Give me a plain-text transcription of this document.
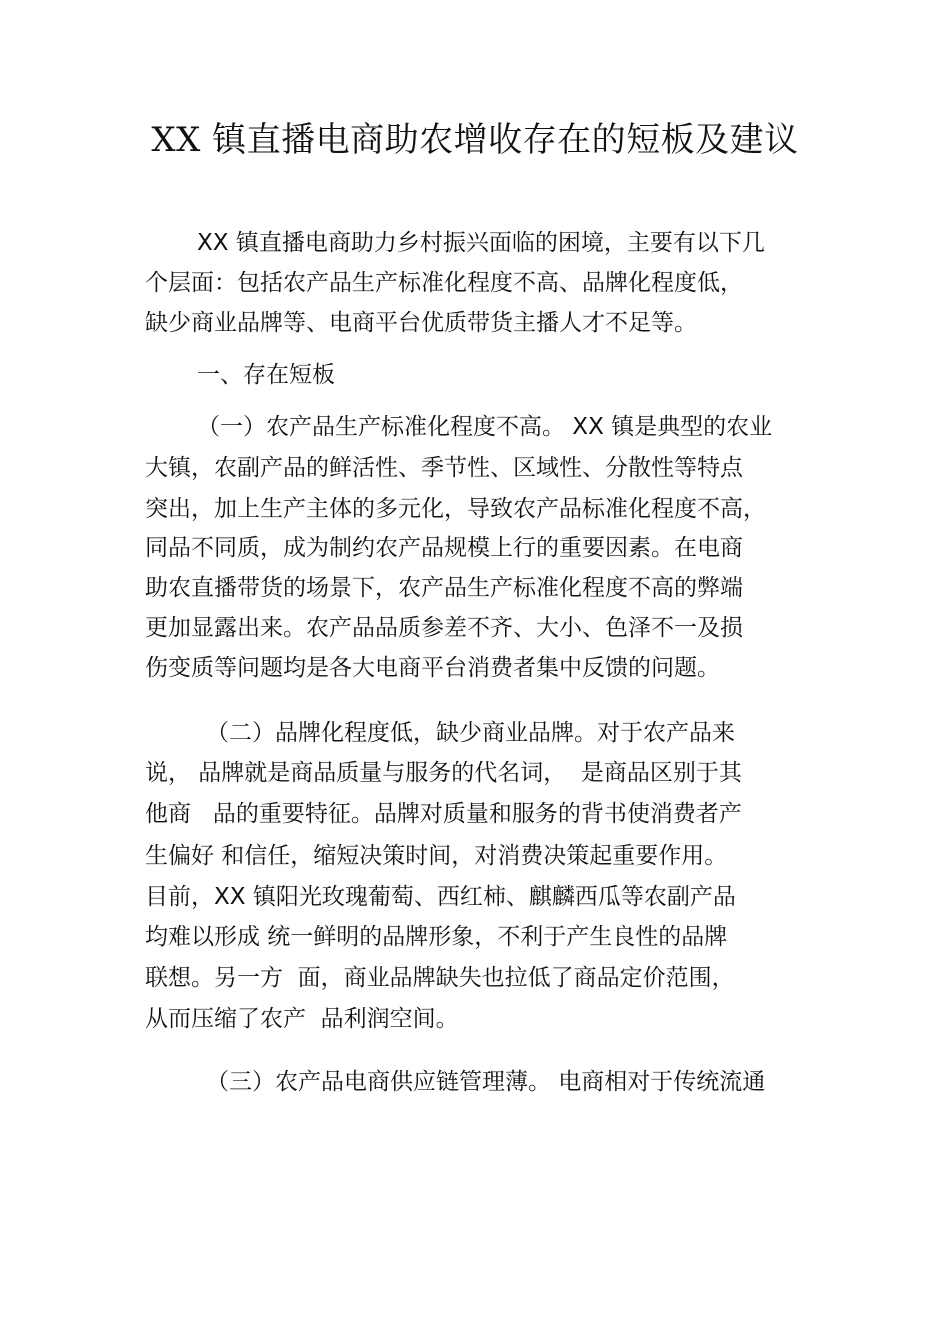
XX 镇直播电商助农增收存在的短板及建议
XX 镇直播电商助力乡村振兴面临的困境，主要有以下几
个层面：包括农产品生产标准化程度不高、品牌化程度低，
缺少商业品牌等、电商平台优质带货主播人才不足等。
一、存在短板
（一）农产品生产标准化程度不高。 XX 镇是典型的农业
大镇，农副产品的鲜活性、季节性、区域性、分散性等特点
突出，加上生产主体的多元化，导致农产品标准化程度不高，
同品不同质，成为制约农产品规模上行的重要因素。在电商
助农直播带货的场景下，农产品生产标准化程度不高的弊端
更加显露出来。农产品品质参差不齐、大小、色泽不一及损
伤变质等问题均是各大电商平台消费者集中反馈的问题。
（二）品牌化程度低，缺少商业品牌。对于农产品来
说， 品牌就是商品质量与服务的代名词，  是商品区别于其
他商   品的重要特征。品牌对质量和服务的背书使消费者产
生偏好 和信任，缩短决策时间，对消费决策起重要作用。
目前，XX 镇阳光玫瑰葡萄、西红柿、麒麟西瓜等农副产品
均难以形成 统一鲜明的品牌形象，不利于产生良性的品牌
联想。另一方  面，商业品牌缺失也拉低了商品定价范围，
从而压缩了农产  品利润空间。
（三）农产品电商供应链管理薄。 电商相对于传统流通
